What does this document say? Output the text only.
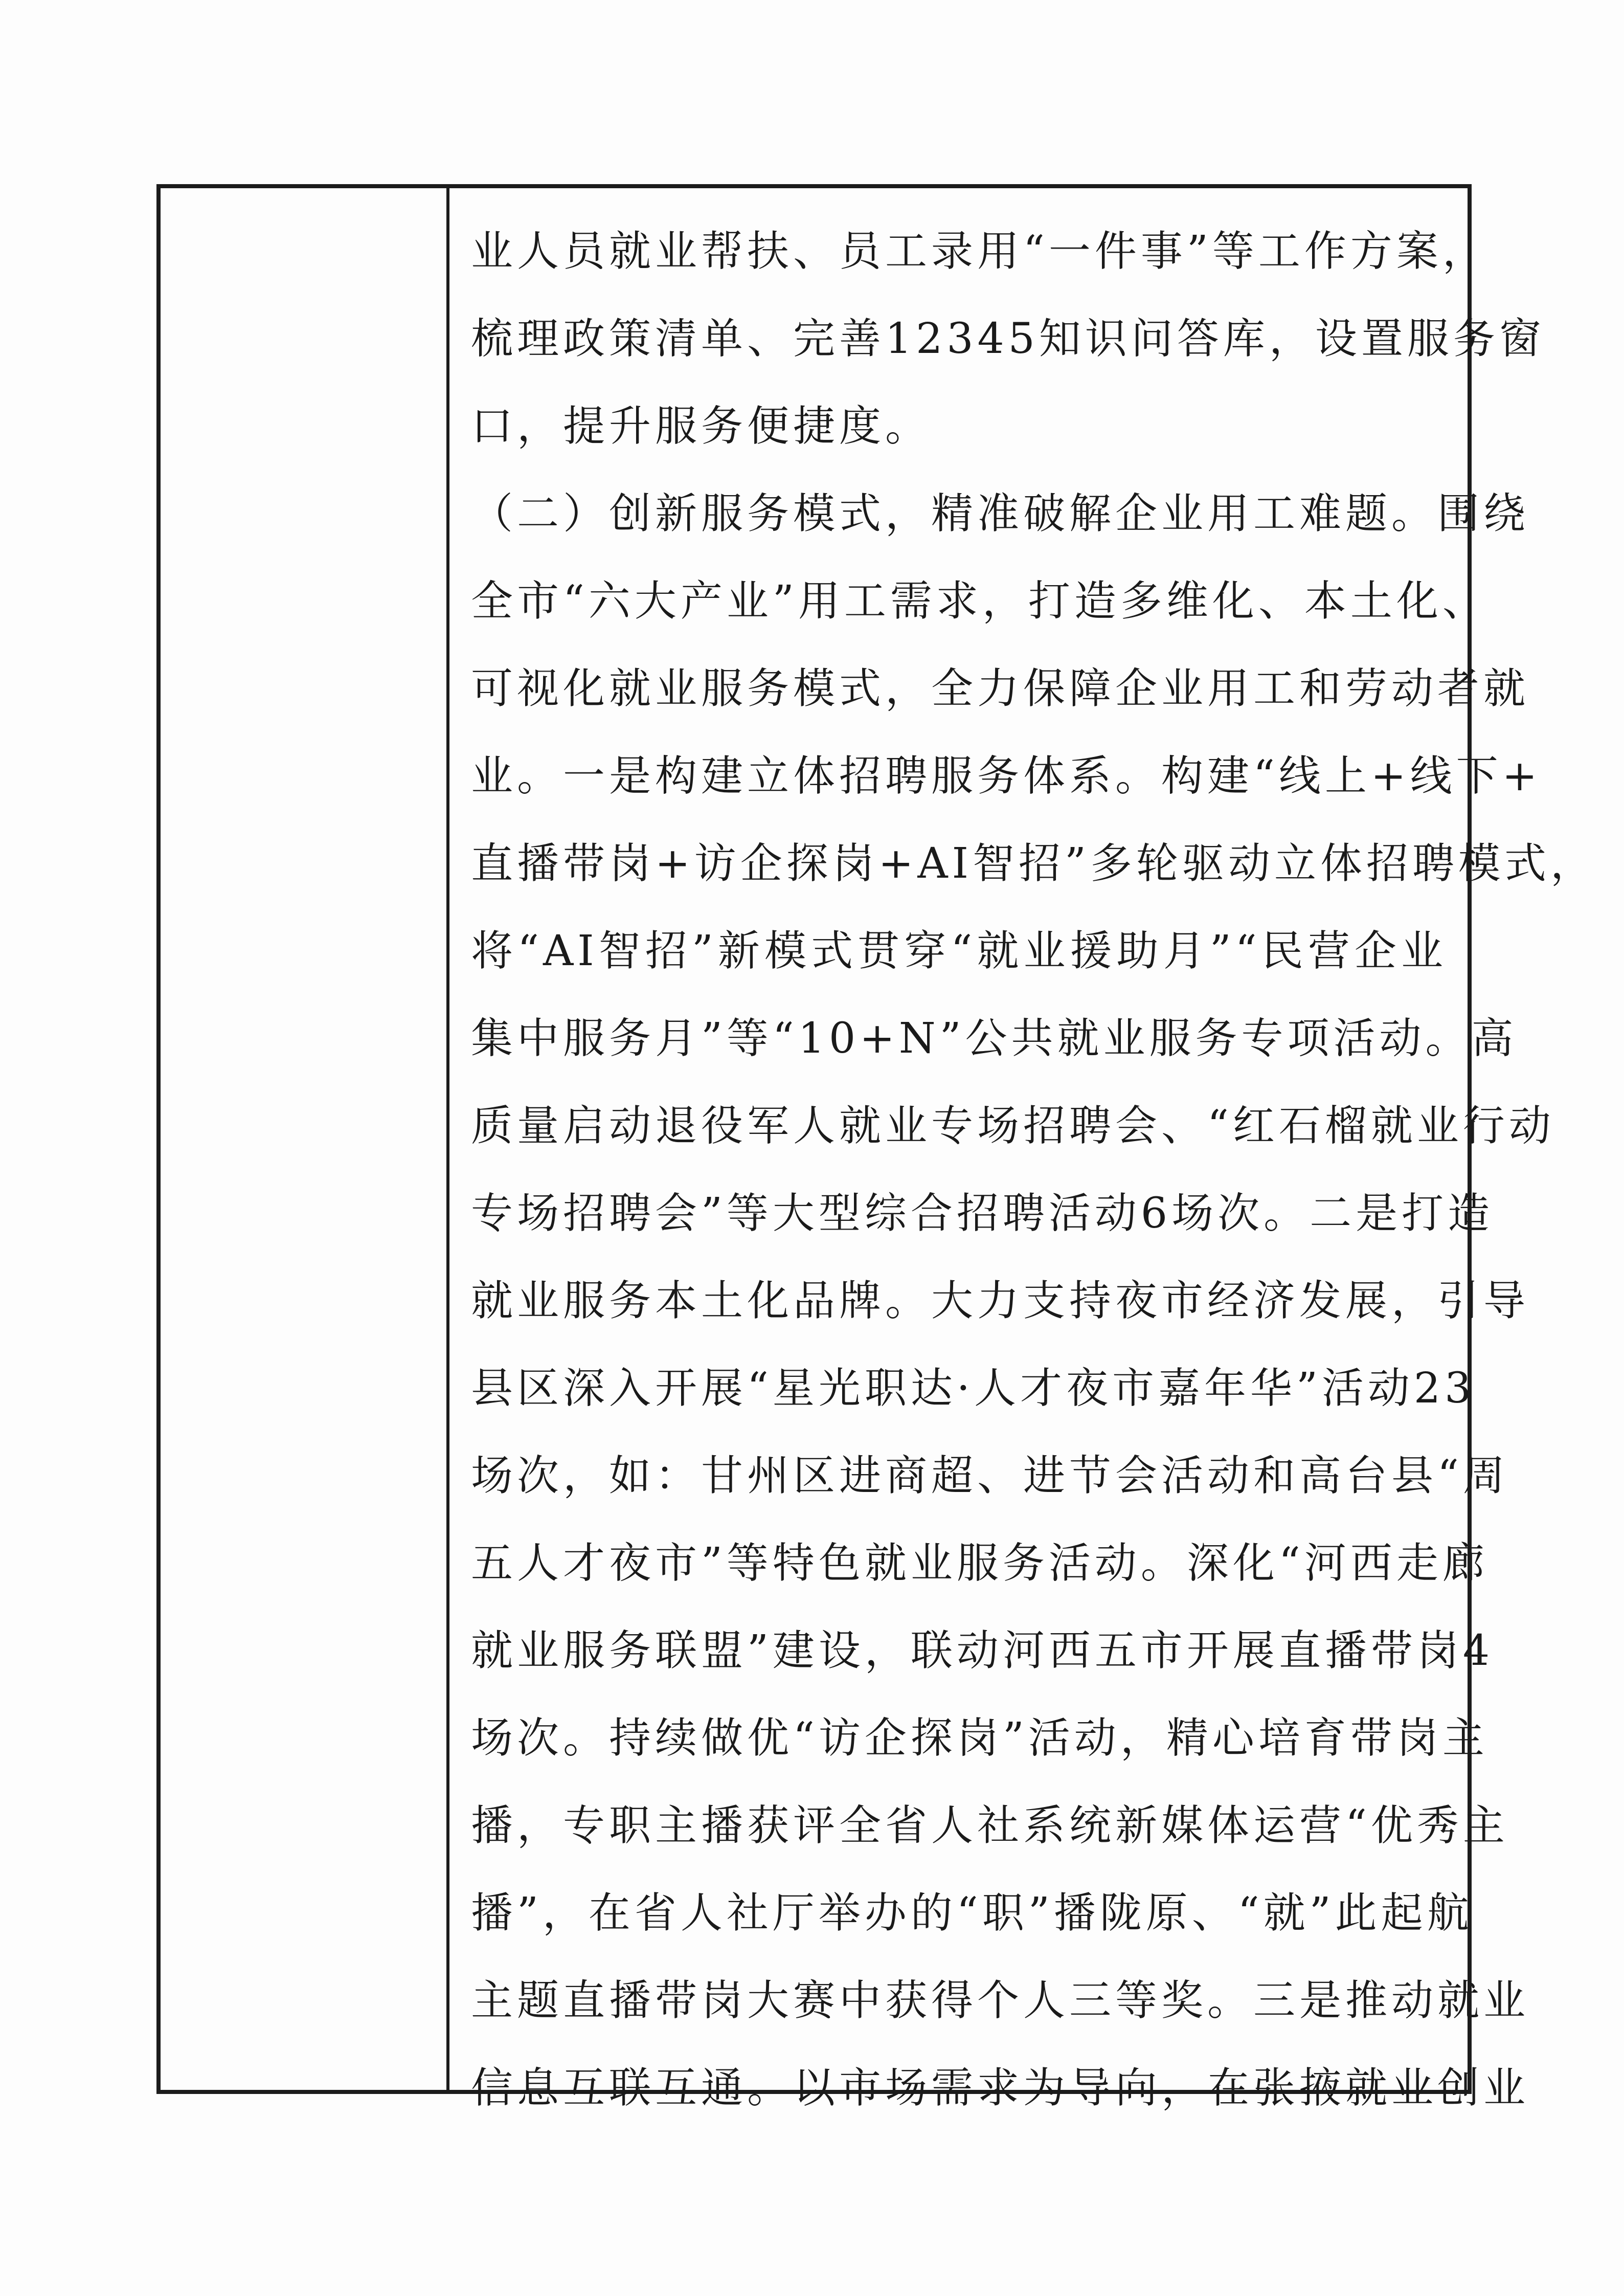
业人员就业帮扶、员工录用“一件事”等工作方案，
梳理政策清单、完善12345知识问答库，设置服务窗
口，提升服务便捷度。
（二）创新服务模式，精准破解企业用工难题。围绕
全市“六大产业”用工需求，打造多维化、本土化、
可视化就业服务模式，全力保障企业用工和劳动者就
业。一是构建立体招聘服务体系。构建“线上+线下+
直播带岗+访企探岗+AI智招”多轮驱动立体招聘模式，
将“AI智招”新模式贯穿“就业援助月”“民营企业
集中服务月”等“10+N”公共就业服务专项活动。高
质量启动退役军人就业专场招聘会、“红石榴就业行动
专场招聘会”等大型综合招聘活动6场次。二是打造
就业服务本土化品牌。大力支持夜市经济发展，引导
县区深入开展“星光职达·人才夜市嘉年华”活动23
场次，如：甘州区进商超、进节会活动和高台县“周
五人才夜市”等特色就业服务活动。深化“河西走廊
就业服务联盟”建设，联动河西五市开展直播带岗4
场次。持续做优“访企探岗”活动，精心培育带岗主
播，专职主播获评全省人社系统新媒体运营“优秀主
播”，在省人社厅举办的“职”播陇原、“就”此起航
主题直播带岗大赛中获得个人三等奖。三是推动就业
信息互联互通。以市场需求为导向，在张掖就业创业
